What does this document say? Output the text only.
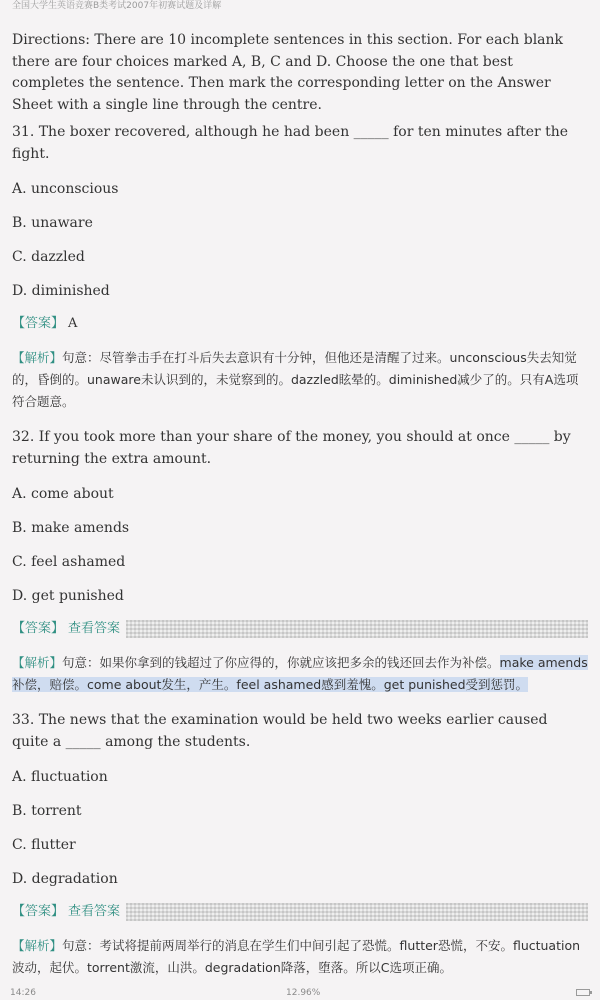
全国大学生英语竞赛B类考试2007年初赛试题及详解

Directions: There are 10 incomplete sentences in this section. For each blank there are four choices marked A, B, C and D. Choose the one that best completes the sentence. Then mark the corresponding letter on the Answer Sheet with a single line through the centre.

31. The boxer recovered, although he had been _____ for ten minutes after the fight.

A. unconscious

B. unaware

C. dazzled

D. diminished

【答案】 A

【解析】句意：尽管拳击手在打斗后失去意识有十分钟，但他还是清醒了过来。unconscious失去知觉的，昏倒的。unaware未认识到的，未觉察到的。dazzled眩晕的。diminished减少了的。只有A选项符合题意。

32. If you took more than your share of the money, you should at once _____ by returning the extra amount.

A. come about

B. make amends

C. feel ashamed

D. get punished

【答案】 查看答案

【解析】句意：如果你拿到的钱超过了你应得的，你就应该把多余的钱还回去作为补偿。make amends补偿，赔偿。come about发生，产生。feel ashamed感到羞愧。get punished受到惩罚。

33. The news that the examination would be held two weeks earlier caused quite a _____ among the students.

A. fluctuation

B. torrent

C. flutter

D. degradation

【答案】 查看答案

【解析】句意：考试将提前两周举行的消息在学生们中间引起了恐慌。flutter恐慌，不安。fluctuation波动，起伏。torrent激流，山洪。degradation降落，堕落。所以C选项正确。

14:26	12.96%
